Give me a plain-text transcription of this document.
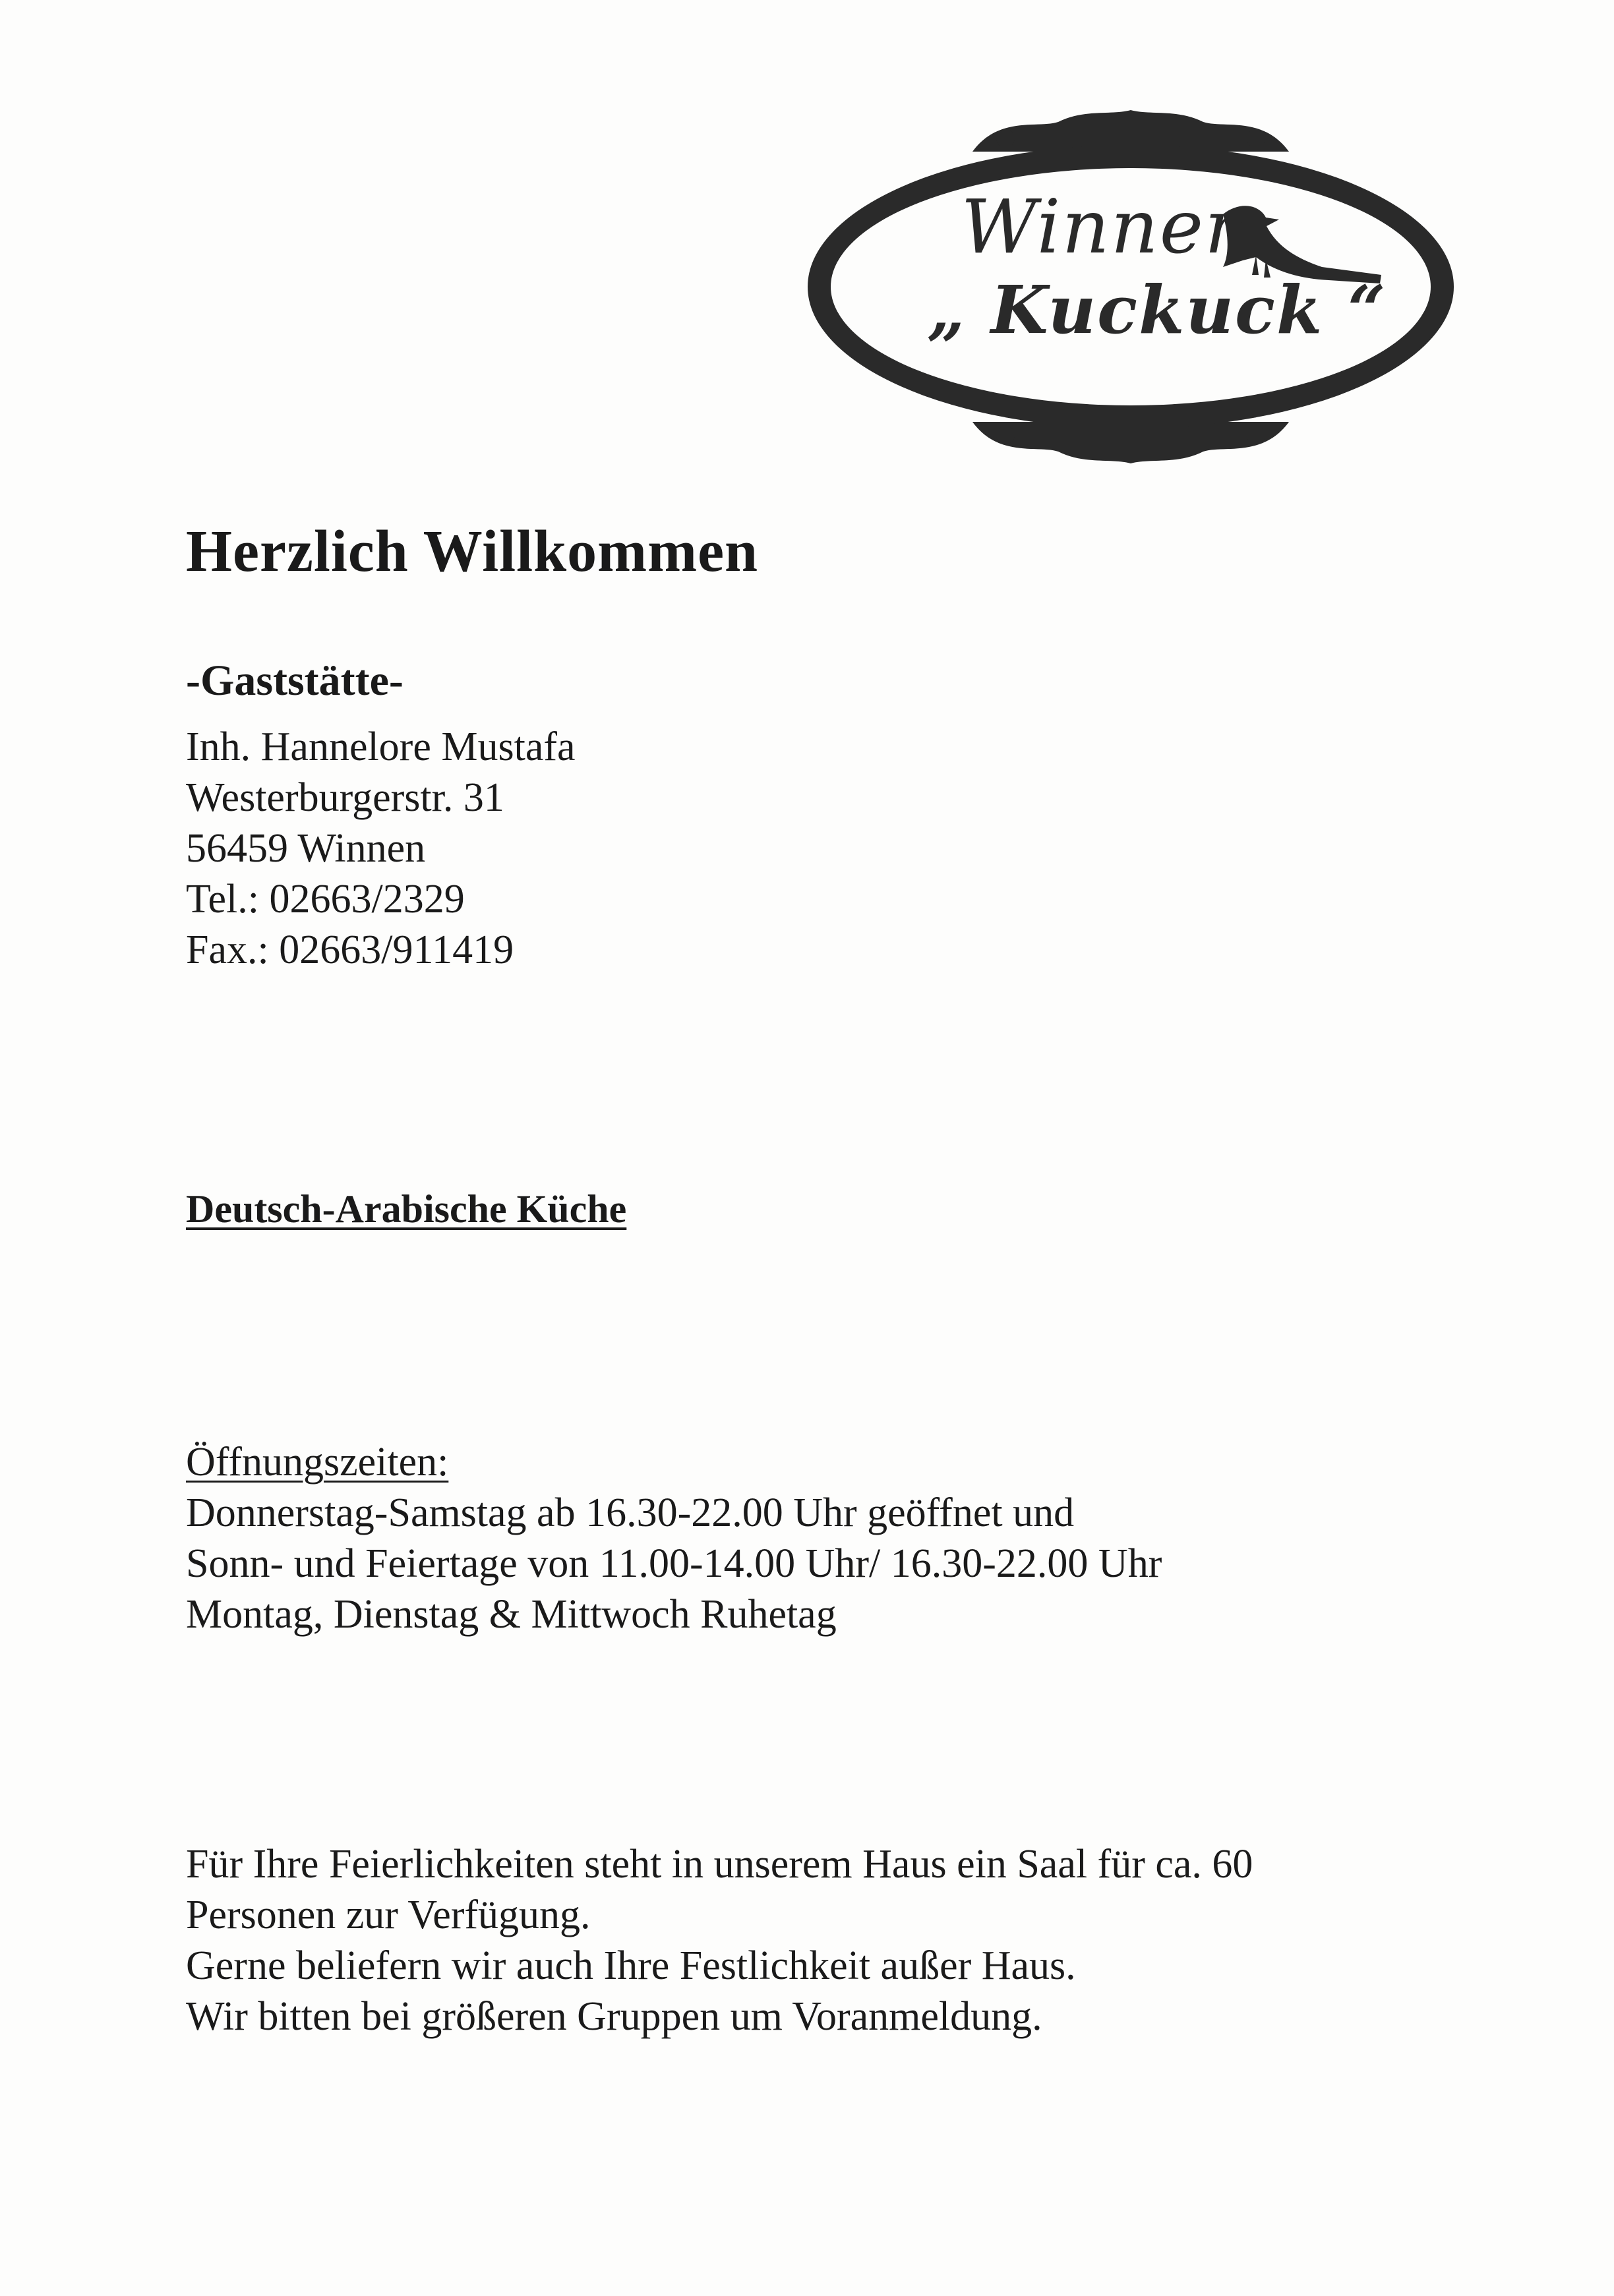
Winner
„ Kuckuck “
Herzlich Willkommen
-Gaststätte-
Inh. Hannelore Mustafa
Westerburgerstr. 31
56459 Winnen
Tel.: 02663/2329
Fax.: 02663/911419
Deutsch-Arabische Küche
Öffnungszeiten:
Donnerstag-Samstag ab 16.30-22.00 Uhr geöffnet und
Sonn- und Feiertage von 11.00-14.00 Uhr/ 16.30-22.00 Uhr
Montag, Dienstag & Mittwoch Ruhetag
Für Ihre Feierlichkeiten steht in unserem Haus ein Saal für ca. 60
Personen zur Verfügung.
Gerne beliefern wir auch Ihre Festlichkeit außer Haus.
Wir bitten bei größeren Gruppen um Voranmeldung.
